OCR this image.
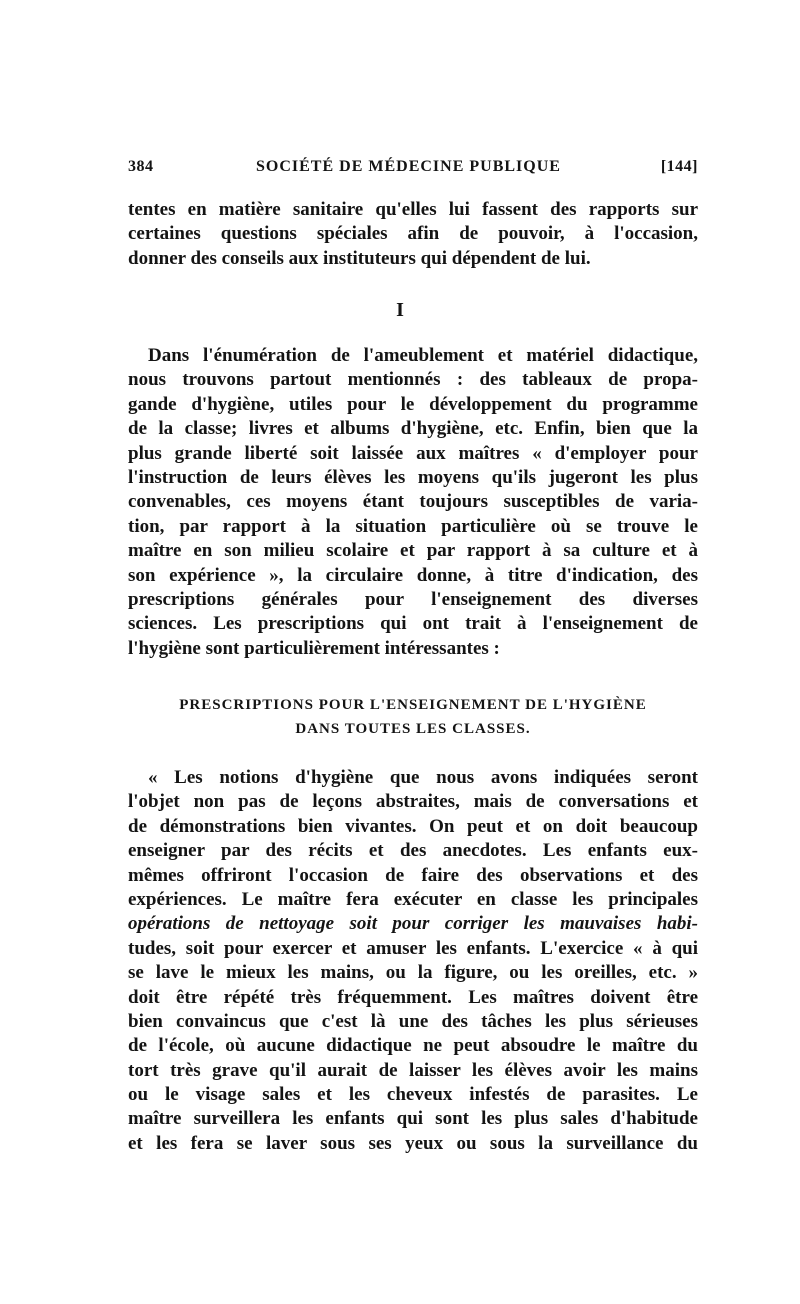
384	SOCIÉTÉ DE MÉDECINE PUBLIQUE	[144]
tentes en matière sanitaire qu'elles lui fassent des rapports sur
certaines questions spéciales afin de pouvoir, à l'occasion,
donner des conseils aux instituteurs qui dépendent de lui.
I
Dans l'énumération de l'ameublement et matériel didactique,
nous trouvons partout mentionnés : des tableaux de propa-
gande d'hygiène, utiles pour le développement du programme
de la classe; livres et albums d'hygiène, etc. Enfin, bien que la
plus grande liberté soit laissée aux maîtres « d'employer pour
l'instruction de leurs élèves les moyens qu'ils jugeront les plus
convenables, ces moyens étant toujours susceptibles de varia-
tion, par rapport à la situation particulière où se trouve le
maître en son milieu scolaire et par rapport à sa culture et à
son expérience », la circulaire donne, à titre d'indication, des
prescriptions générales pour l'enseignement des diverses
sciences. Les prescriptions qui ont trait à l'enseignement de
l'hygiène sont particulièrement intéressantes :
PRESCRIPTIONS POUR L'ENSEIGNEMENT DE L'HYGIÈNE
DANS TOUTES LES CLASSES.
« Les notions d'hygiène que nous avons indiquées seront
l'objet non pas de leçons abstraites, mais de conversations et
de démonstrations bien vivantes. On peut et on doit beaucoup
enseigner par des récits et des anecdotes. Les enfants eux-
mêmes offriront l'occasion de faire des observations et des
expériences. Le maître fera exécuter en classe les principales
opérations de nettoyage soit pour corriger les mauvaises habi-
tudes, soit pour exercer et amuser les enfants. L'exercice « à qui
se lave le mieux les mains, ou la figure, ou les oreilles, etc. »
doit être répété très fréquemment. Les maîtres doivent être
bien convaincus que c'est là une des tâches les plus sérieuses
de l'école, où aucune didactique ne peut absoudre le maître du
tort très grave qu'il aurait de laisser les élèves avoir les mains
ou le visage sales et les cheveux infestés de parasites. Le
maître surveillera les enfants qui sont les plus sales d'habitude
et les fera se laver sous ses yeux ou sous la surveillance du
